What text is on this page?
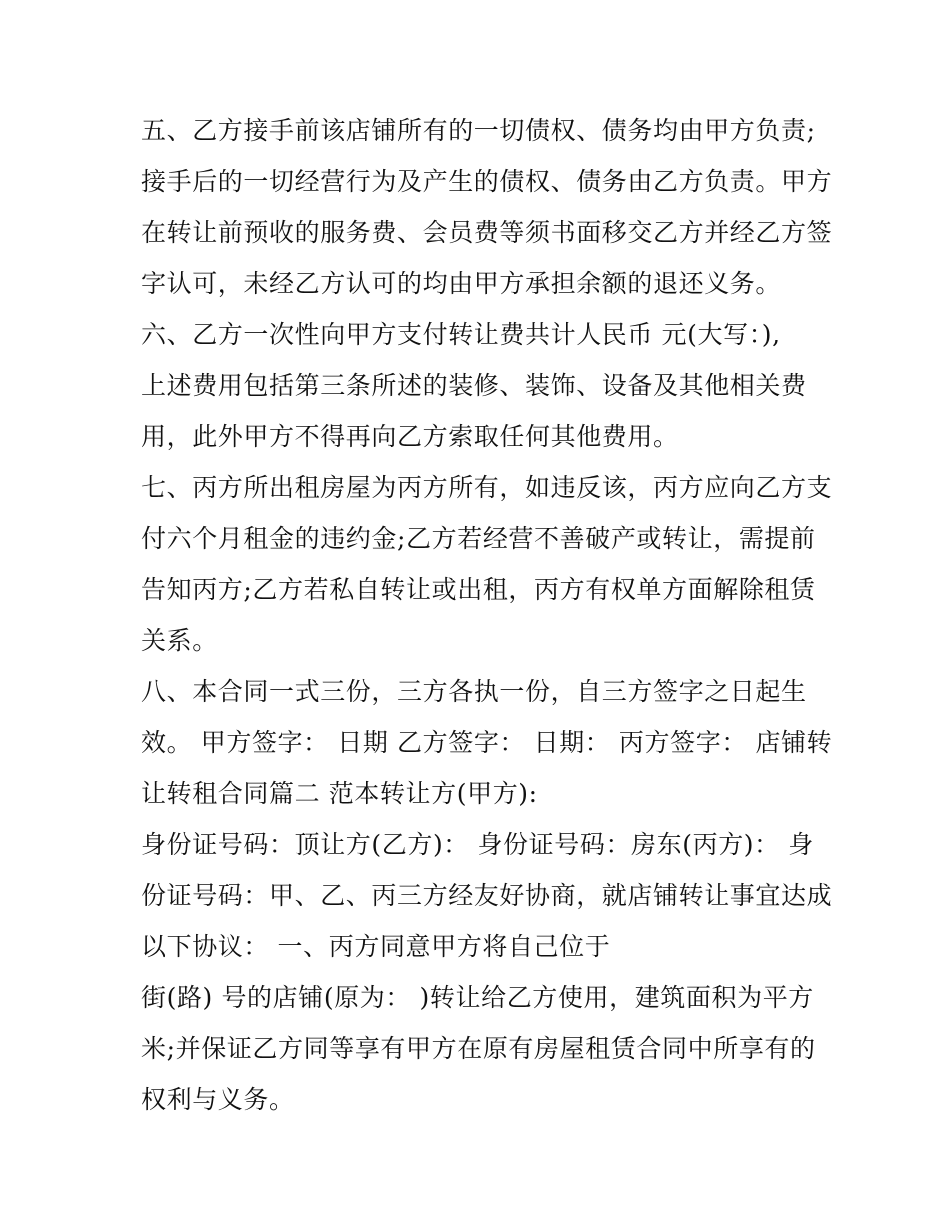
五、乙方接手前该店铺所有的一切债权、债务均由甲方负责;
接手后的一切经营行为及产生的债权、债务由乙方负责。甲方
在转让前预收的服务费、会员费等须书面移交乙方并经乙方签
字认可，未经乙方认可的均由甲方承担余额的退还义务。
六、乙方一次性向甲方支付转让费共计人民币 元(大写：),
上述费用包括第三条所述的装修、装饰、设备及其他相关费
用，此外甲方不得再向乙方索取任何其他费用。
七、丙方所出租房屋为丙方所有，如违反该，丙方应向乙方支
付六个月租金的违约金;乙方若经营不善破产或转让，需提前
告知丙方;乙方若私自转让或出租，丙方有权单方面解除租赁
关系。
八、本合同一式三份，三方各执一份，自三方签字之日起生
效。 甲方签字： 日期 乙方签字： 日期： 丙方签字： 店铺转
让转租合同篇二 范本转让方(甲方):
身份证号码：顶让方(乙方)： 身份证号码：房东(丙方)： 身
份证号码：甲、乙、丙三方经友好协商，就店铺转让事宜达成
以下协议： 一、丙方同意甲方将自己位于
街(路) 号的店铺(原为： )转让给乙方使用，建筑面积为平方
米;并保证乙方同等享有甲方在原有房屋租赁合同中所享有的
权利与义务。
